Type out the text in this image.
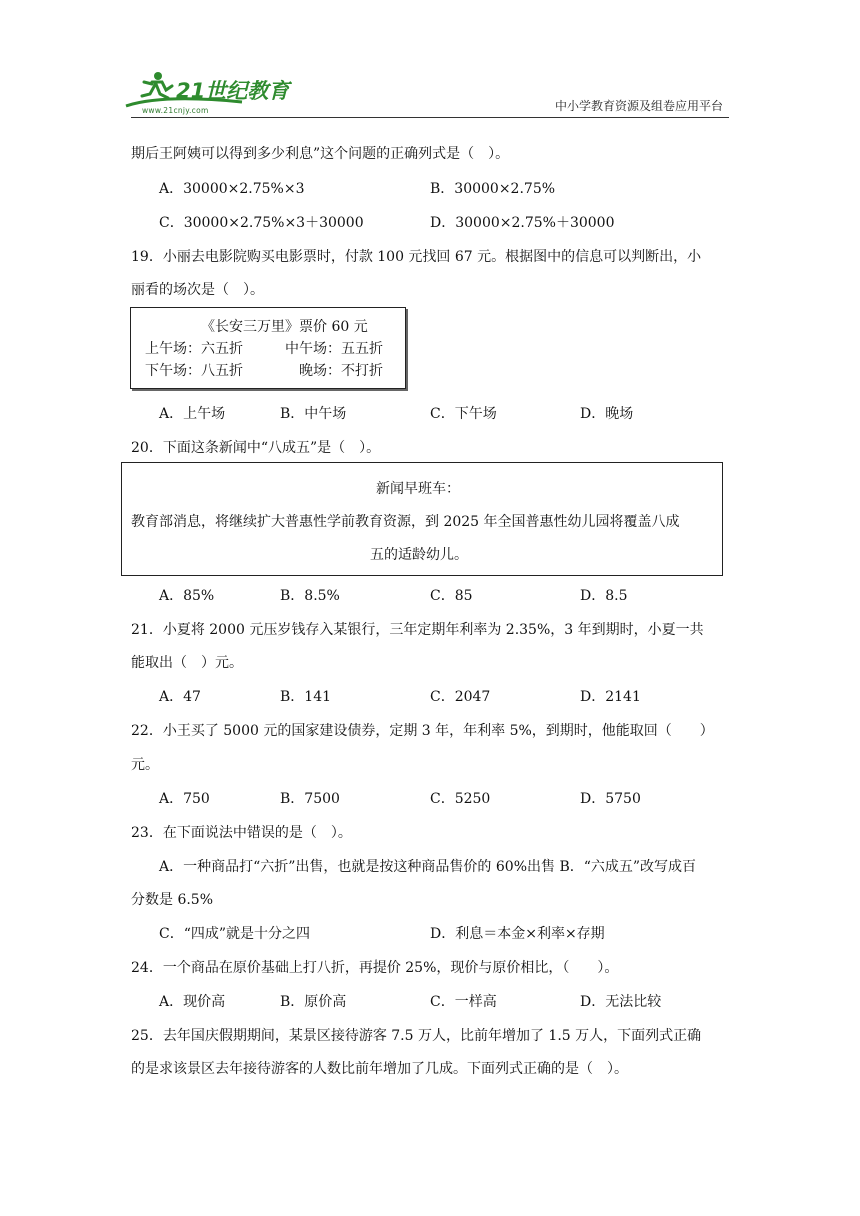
21世纪教育
www.21cnjy.com	中小学教育资源及组卷应用平台
期后王阿姨可以得到多少利息”这个问题的正确列式是（　）。
A．30000×2.75%×3	B．30000×2.75%
C．30000×2.75%×3＋30000	D．30000×2.75%＋30000
19．小丽去电影院购买电影票时，付款 100 元找回 67 元。根据图中的信息可以判断出，小
丽看的场次是（　）。
《长安三万里》票价 60 元
上午场：六五折	中午场：五五折
下午场：八五折	晚场：不打折
A．上午场	B．中午场	C．下午场	D．晚场
20．下面这条新闻中“八成五”是（　）。
新闻早班车：
教育部消息，将继续扩大普惠性学前教育资源，到 2025 年全国普惠性幼儿园将覆盖八成
五的适龄幼儿。
A．85%	B．8.5%	C．85	D．8.5
21．小夏将 2000 元压岁钱存入某银行，三年定期年利率为 2.35%，3 年到期时，小夏一共
能取出（　）元。
A．47	B．141	C．2047	D．2141
22．小王买了 5000 元的国家建设债券，定期 3 年，年利率 5%，到期时，他能取回（　　）
元。
A．750	B．7500	C．5250	D．5750
23．在下面说法中错误的是（　）。
A．一种商品打“六折”出售，也就是按这种商品售价的 60%出售 B．“六成五”改写成百
分数是 6.5%
C．“四成”就是十分之四	D．利息＝本金×利率×存期
24．一个商品在原价基础上打八折，再提价 25%，现价与原价相比，（　　）。
A．现价高	B．原价高	C．一样高	D．无法比较
25．去年国庆假期期间，某景区接待游客 7.5 万人，比前年增加了 1.5 万人，下面列式正确
的是求该景区去年接待游客的人数比前年增加了几成。下面列式正确的是（　）。
